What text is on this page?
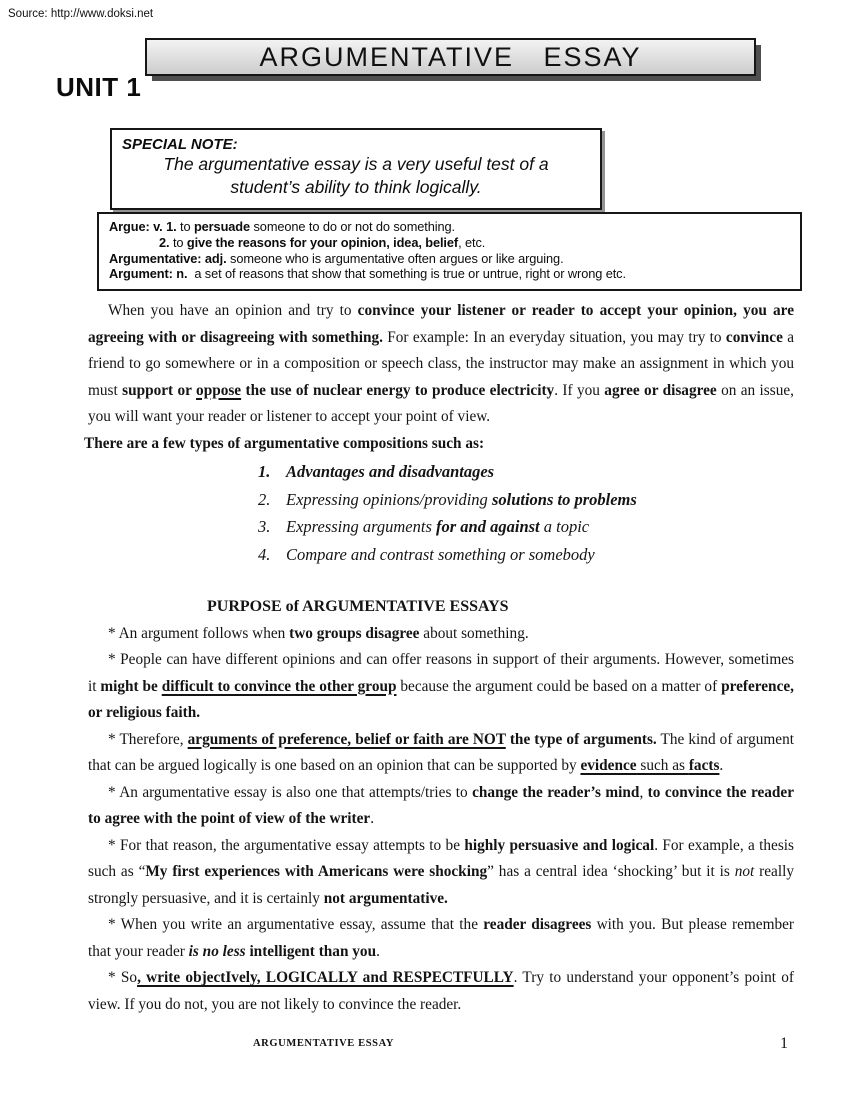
Source: http://www.doksi.net
ARGUMENTATIVE ESSAY
UNIT 1
SPECIAL NOTE:
The argumentative essay is a very useful test of a
student’s ability to think logically.
Argue: v. 1. to persuade someone to do or not do something.
2. to give the reasons for your opinion, idea, belief, etc.
Argumentative: adj. someone who is argumentative often argues or like arguing.
Argument: n.  a set of reasons that show that something is true or untrue, right or wrong etc.
When you have an opinion and try to convince your listener or reader to accept your opinion, you are agreeing with or disagreeing with something. For example: In an everyday situation, you may try to convince a friend to go somewhere or in a composition or speech class, the instructor may make an assignment in which you must support or oppose the use of nuclear energy to produce electricity. If you agree or disagree on an issue, you will want your reader or listener to accept your point of view.
There are a few types of argumentative compositions such as:
1. Advantages and disadvantages
2. Expressing opinions/providing solutions to problems
3. Expressing arguments for and against a topic
4. Compare and contrast something or somebody
PURPOSE of ARGUMENTATIVE ESSAYS
* An argument follows when two groups disagree about something.
* People can have different opinions and can offer reasons in support of their arguments. However, sometimes it might be difficult to convince the other group because the argument could be based on a matter of preference, or religious faith.
* Therefore, arguments of preference, belief or faith are NOT the type of arguments. The kind of argument that can be argued logically is one based on an opinion that can be supported by evidence such as facts.
* An argumentative essay is also one that attempts/tries to change the reader’s mind, to convince the reader to agree with the point of view of the writer.
* For that reason, the argumentative essay attempts to be highly persuasive and logical. For example, a thesis such as “My first experiences with Americans were shocking” has a central idea ‘shocking’ but it is not really strongly persuasive, and it is certainly not argumentative.
* When you write an argumentative essay, assume that the reader disagrees with you. But please remember that your reader is no less intelligent than you.
* So, write objectIvely, LOGICALLY and RESPECTFULLY. Try to understand your opponent’s point of view. If you do not, you are not likely to convince the reader.
ARGUMENTATIVE ESSAY	1
